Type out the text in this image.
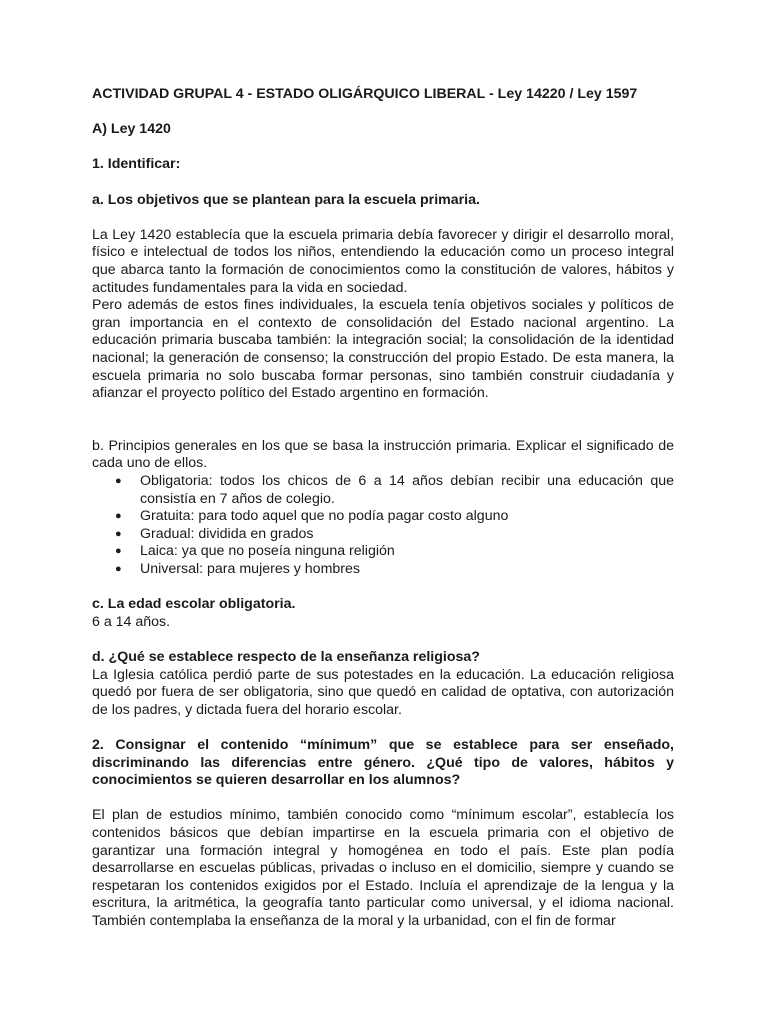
ACTIVIDAD GRUPAL 4 - ESTADO OLIGÁRQUICO LIBERAL - Ley 14220 / Ley 1597

A) Ley 1420

1. Identificar:

a. Los objetivos que se plantean para la escuela primaria.

La Ley 1420 establecía que la escuela primaria debía favorecer y dirigir el desarrollo moral, físico e intelectual de todos los niños, entendiendo la educación como un proceso integral que abarca tanto la formación de conocimientos como la constitución de valores, hábitos y actitudes fundamentales para la vida en sociedad.

Pero además de estos fines individuales, la escuela tenía objetivos sociales y políticos de gran importancia en el contexto de consolidación del Estado nacional argentino. La educación primaria buscaba también: la integración social; la consolidación de la identidad nacional; la generación de consenso; la construcción del propio Estado. De esta manera, la escuela primaria no solo buscaba formar personas, sino también construir ciudadanía y afianzar el proyecto político del Estado argentino en formación.

b. Principios generales en los que se basa la instrucción primaria. Explicar el significado de cada uno de ellos.

● Obligatoria: todos los chicos de 6 a 14 años debían recibir una educación que consistía en 7 años de colegio.
● Gratuita: para todo aquel que no podía pagar costo alguno
● Gradual: dividida en grados
● Laica: ya que no poseía ninguna religión
● Universal: para mujeres y hombres

c. La edad escolar obligatoria.

6 a 14 años.

d. ¿Qué se establece respecto de la enseñanza religiosa?

La Iglesia católica perdió parte de sus potestades en la educación. La educación religiosa quedó por fuera de ser obligatoria, sino que quedó en calidad de optativa, con autorización de los padres, y dictada fuera del horario escolar.

2. Consignar el contenido “mínimum” que se establece para ser enseñado, discriminando las diferencias entre género. ¿Qué tipo de valores, hábitos y conocimientos se quieren desarrollar en los alumnos?

El plan de estudios mínimo, también conocido como “mínimum escolar”, establecía los contenidos básicos que debían impartirse en la escuela primaria con el objetivo de garantizar una formación integral y homogénea en todo el país. Este plan podía desarrollarse en escuelas públicas, privadas o incluso en el domicilio, siempre y cuando se respetaran los contenidos exigidos por el Estado. Incluía el aprendizaje de la lengua y la escritura, la aritmética, la geografía tanto particular como universal, y el idioma nacional. También contemplaba la enseñanza de la moral y la urbanidad, con el fin de formar
